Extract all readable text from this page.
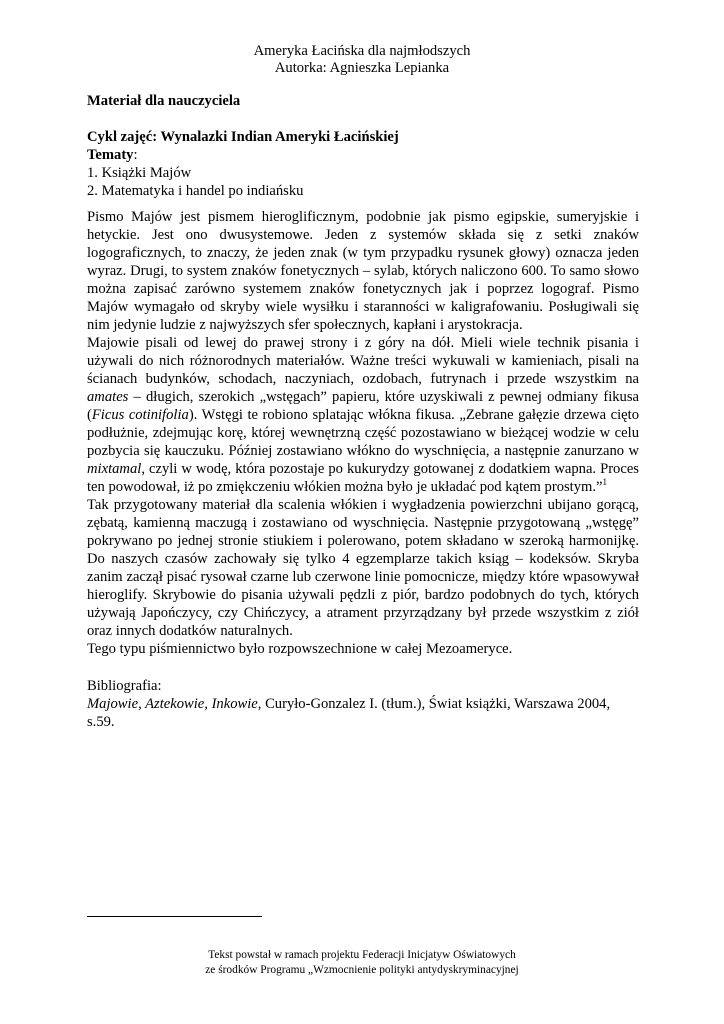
Ameryka Łacińska dla najmłodszych
Autorka: Agnieszka Lepianka
Materiał dla nauczyciela
Cykl zajęć: Wynalazki Indian Ameryki Łacińskiej
Tematy:
1. Książki Majów
2. Matematyka i handel po indiańsku

Pismo Majów jest pismem hieroglificznym, podobnie jak pismo egipskie, sumeryjskie i hetyckie. Jest ono dwusystemowe. Jeden z systemów składa się z setki znaków logograficznych, to znaczy, że jeden znak (w tym przypadku rysunek głowy) oznacza jeden wyraz. Drugi, to system znaków fonetycznych – sylab, których naliczono 600. To samo słowo można zapisać zarówno systemem znaków fonetycznych jak i poprzez logograf. Pismo Majów wymagało od skryby wiele wysiłku i staranności w kaligrafowaniu. Posługiwali się nim jedynie ludzie z najwyższych sfer społecznych, kapłani i arystokracja.

Majowie pisali od lewej do prawej strony i z góry na dół. Mieli wiele technik pisania i używali do nich różnorodnych materiałów. Ważne treści wykuwali w kamieniach, pisali na ścianach budynków, schodach, naczyniach, ozdobach, futrynach i przede wszystkim na amates – długich, szerokich „wstęgach” papieru, które uzyskiwali z pewnej odmiany fikusa (Ficus cotinifolia). Wstęgi te robiono splatając włókna fikusa. „Zebrane gałęzie drzewa cięto podłużnie, zdejmując korę, której wewnętrzną część pozostawiano w bieżącej wodzie w celu pozbycia się kauczuku. Później zostawiano włókno do wyschnięcia, a następnie zanurzano w mixtamal, czyli w wodę, która pozostaje po kukurydzy gotowanej z dodatkiem wapna. Proces ten powodował, iż po zmiękczeniu włókien można było je układać pod kątem prostym.”$^1$

Tak przygotowany materiał dla scalenia włókien i wygładzenia powierzchni ubijano gorącą, zębatą, kamienną maczugą i zostawiano od wyschnięcia. Następnie przygotowaną „wstęgę” pokrywano po jednej stronie stiukiem i polerowano, potem składano w szeroką harmonijkę. Do naszych czasów zachowały się tylko 4 egzemplarze takich ksiąg – kodeksów. Skryba zanim zaczął pisać rysował czarne lub czerwone linie pomocnicze, między które wpasowywał hieroglify. Skrybowie do pisania używali pędzli z piór, bardzo podobnych do tych, których używają Japończycy, czy Chińczycy, a atrament przyrządzany był przede wszystkim z ziół oraz innych dodatków naturalnych.

Tego typu piśmiennictwo było rozpowszechnione w całej Mezoameryce.

Bibliografia:

Majowie, Aztekowie, Inkowie, Curyło-Gonzalez I. (tłum.), Świat książki, Warszawa 2004, s.59.

Tekst powstał w ramach projektu Federacji Inicjatyw Oświatowych
ze środków Programu „Wzmocnienie polityki antydyskryminacyjnej
